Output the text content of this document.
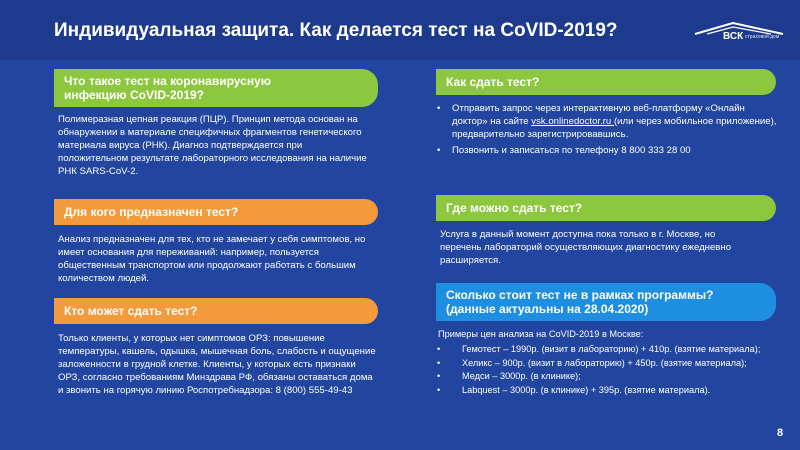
Индивидуальная защита. Как делается тест на CoVID-2019?	ВСК страховой дом
Что такое тест на коронавирусную
инфекцию CoVID-2019?
Полимеразная цепная реакция (ПЦР). Принцип метода основан на обнаружении в материале специфичных фрагментов генетического материала вируса (РНК). Диагноз подтверждается при положительном результате лабораторного исследования на наличие РНК SARS-CoV-2.
Для кого предназначен тест?
Анализ предназначен для тех, кто не замечает у себя симптомов, но имеет основания для переживаний: например, пользуется общественным транспортом или продолжают работать с большим количеством людей.
Кто может сдать тест?
Только клиенты, у которых нет симптомов ОРЗ: повышение температуры, кашель, одышка, мышечная боль, слабость и ощущение заложенности в грудной клетке. Клиенты, у которых есть признаки ОРЗ, согласно требованиям Минздрава РФ, обязаны оставаться дома и звонить на горячую линию Роспотребнадзора: 8 (800) 555-49-43
Как сдать тест?
• Отправить запрос через интерактивную веб-платформу «Онлайн доктор» на сайте vsk.onlinedoctor.ru (или через мобильное приложение), предварительно зарегистрировавшись.
• Позвонить и записаться по телефону 8 800 333 28 00
Где можно сдать тест?
Услуга в данный момент доступна пока только в г. Москве, но перечень лабораторий осуществляющих диагностику ежедневно расширяется.
Сколько стоит тест не в рамках программы?
(данные актуальны на 28.04.2020)
Примеры цен анализа на CoVID-2019 в Москве:
• Гемотест – 1990р. (визит в лабораторию) + 410р. (взятие материала);
• Хеликс – 900р. (визит в лабораторию) + 450р. (взятие материала);
• Медси – 3000р. (в клинике);
• Labquest – 3000р. (в клинике) + 395р. (взятие материала).
8
